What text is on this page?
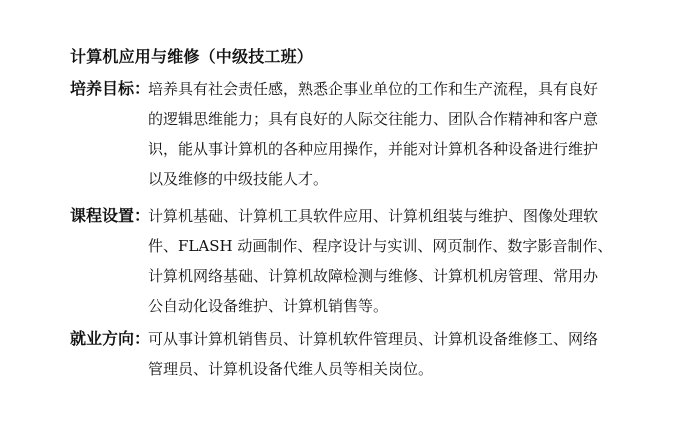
计算机应用与维修（中级技工班）
培养目标：
培养具有社会责任感，熟悉企事业单位的工作和生产流程，具有良好
的逻辑思维能力；具有良好的人际交往能力、团队合作精神和客户意
识，能从事计算机的各种应用操作，并能对计算机各种设备进行维护
以及维修的中级技能人才。
课程设置：
计算机基础、计算机工具软件应用、计算机组装与维护、图像处理软
件、FLASH 动画制作、程序设计与实训、网页制作、数字影音制作、
计算机网络基础、计算机故障检测与维修、计算机机房管理、常用办
公自动化设备维护、计算机销售等。
就业方向：
可从事计算机销售员、计算机软件管理员、计算机设备维修工、网络
管理员、计算机设备代维人员等相关岗位。
